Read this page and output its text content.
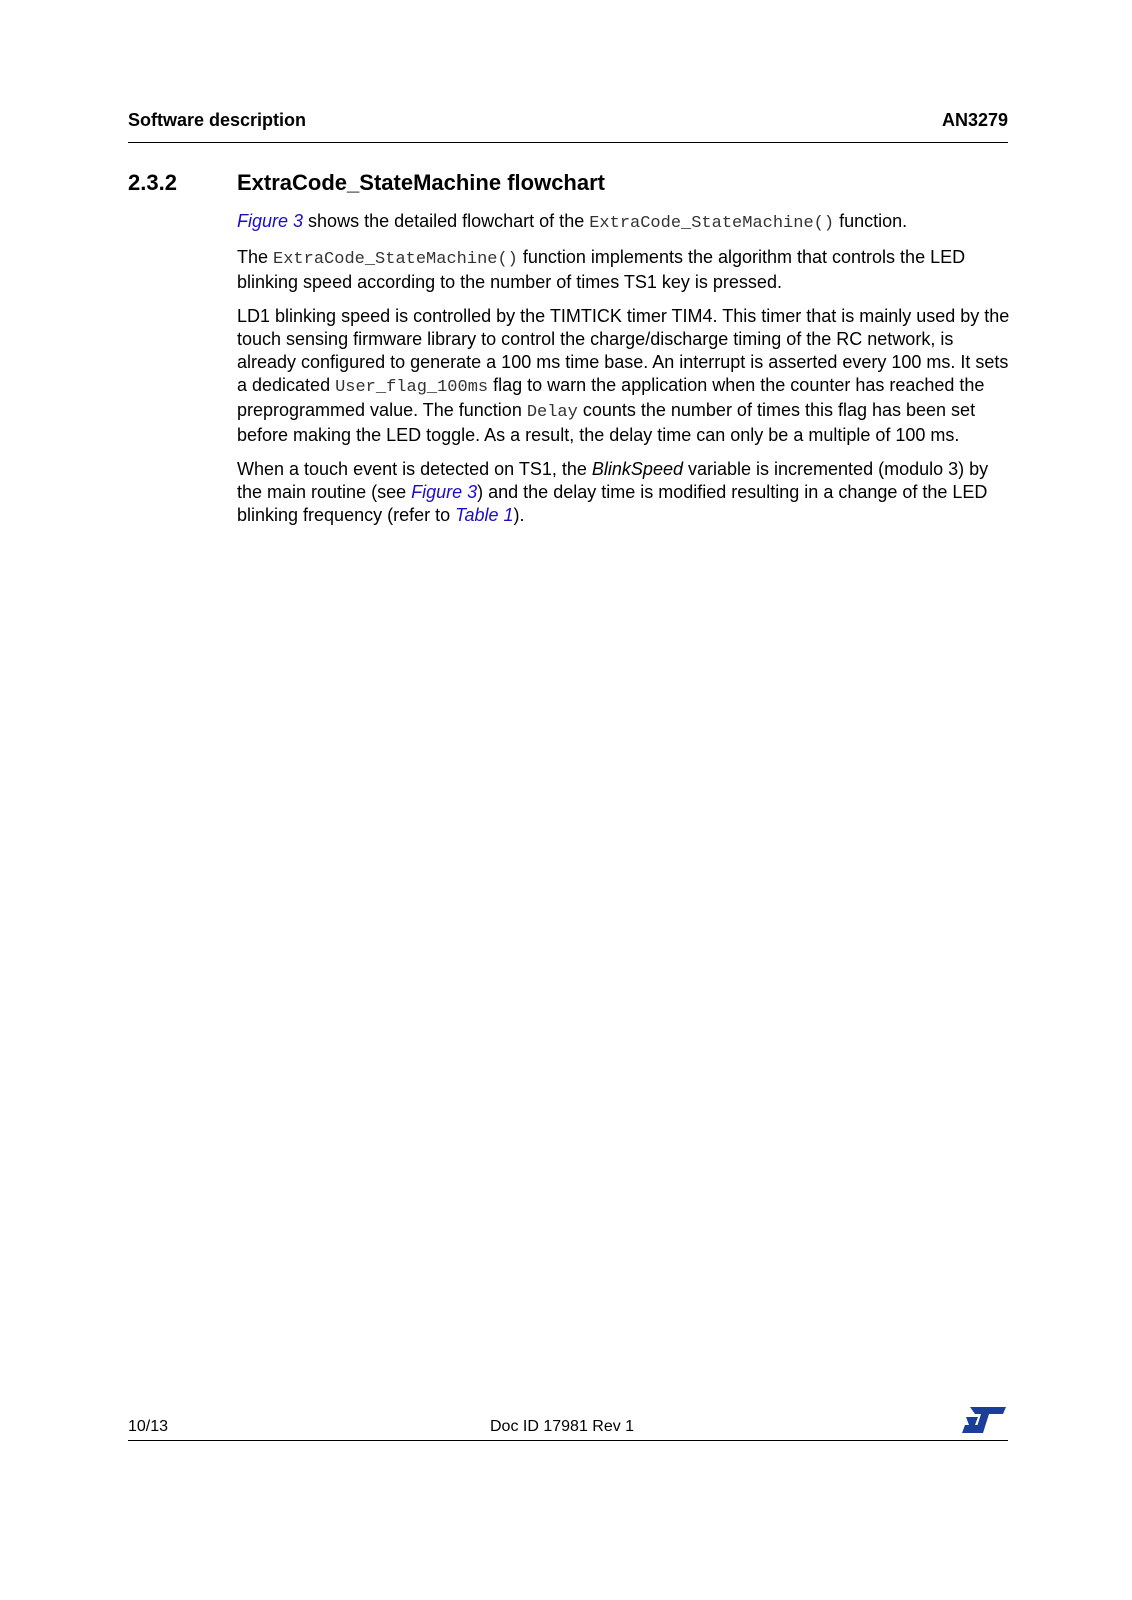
Software description	AN3279
2.3.2	ExtraCode_StateMachine flowchart

Figure 3 shows the detailed flowchart of the ExtraCode_StateMachine() function.

The ExtraCode_StateMachine() function implements the algorithm that controls the LED blinking speed according to the number of times TS1 key is pressed.

LD1 blinking speed is controlled by the TIMTICK timer TIM4. This timer that is mainly used by the touch sensing firmware library to control the charge/discharge timing of the RC network, is already configured to generate a 100 ms time base. An interrupt is asserted every 100 ms. It sets a dedicated User_flag_100ms flag to warn the application when the counter has reached the preprogrammed value. The function Delay counts the number of times this flag has been set before making the LED toggle. As a result, the delay time can only be a multiple of 100 ms.

When a touch event is detected on TS1, the BlinkSpeed variable is incremented (modulo 3) by the main routine (see Figure 3) and the delay time is modified resulting in a change of the LED blinking frequency (refer to Table 1).

10/13	Doc ID 17981 Rev 1
